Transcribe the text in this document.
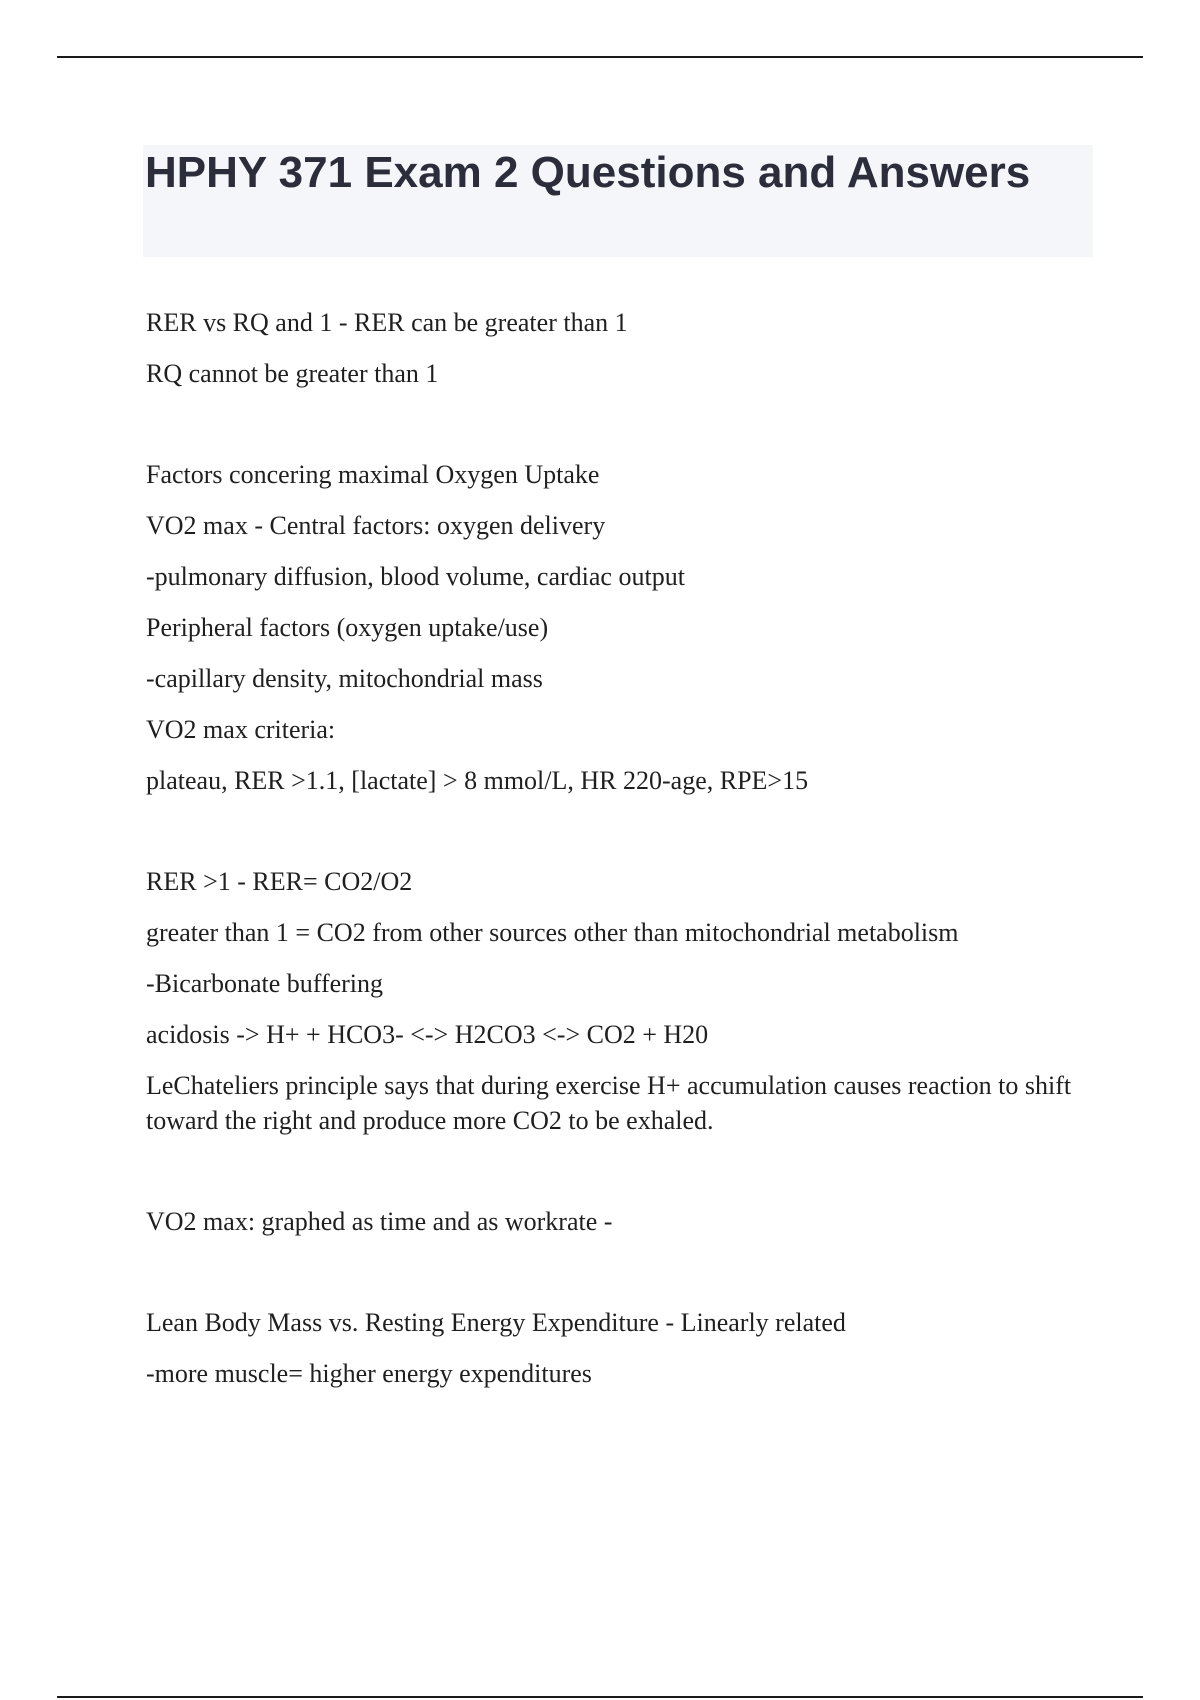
HPHY 371 Exam 2 Questions and Answers

RER vs RQ and 1 - RER can be greater than 1

RQ cannot be greater than 1

Factors concering maximal Oxygen Uptake

VO2 max - Central factors: oxygen delivery

-pulmonary diffusion, blood volume, cardiac output

Peripheral factors (oxygen uptake/use)

-capillary density, mitochondrial mass

VO2 max criteria:

plateau, RER >1.1, [lactate] > 8 mmol/L, HR 220-age, RPE>15

RER >1 - RER= CO2/O2

greater than 1 = CO2 from other sources other than mitochondrial metabolism

-Bicarbonate buffering

acidosis -> H+ + HCO3- <-> H2CO3 <-> CO2 + H20

LeChateliers principle says that during exercise H+ accumulation causes reaction to shift toward the right and produce more CO2 to be exhaled.

VO2 max: graphed as time and as workrate -

Lean Body Mass vs. Resting Energy Expenditure - Linearly related

-more muscle= higher energy expenditures
